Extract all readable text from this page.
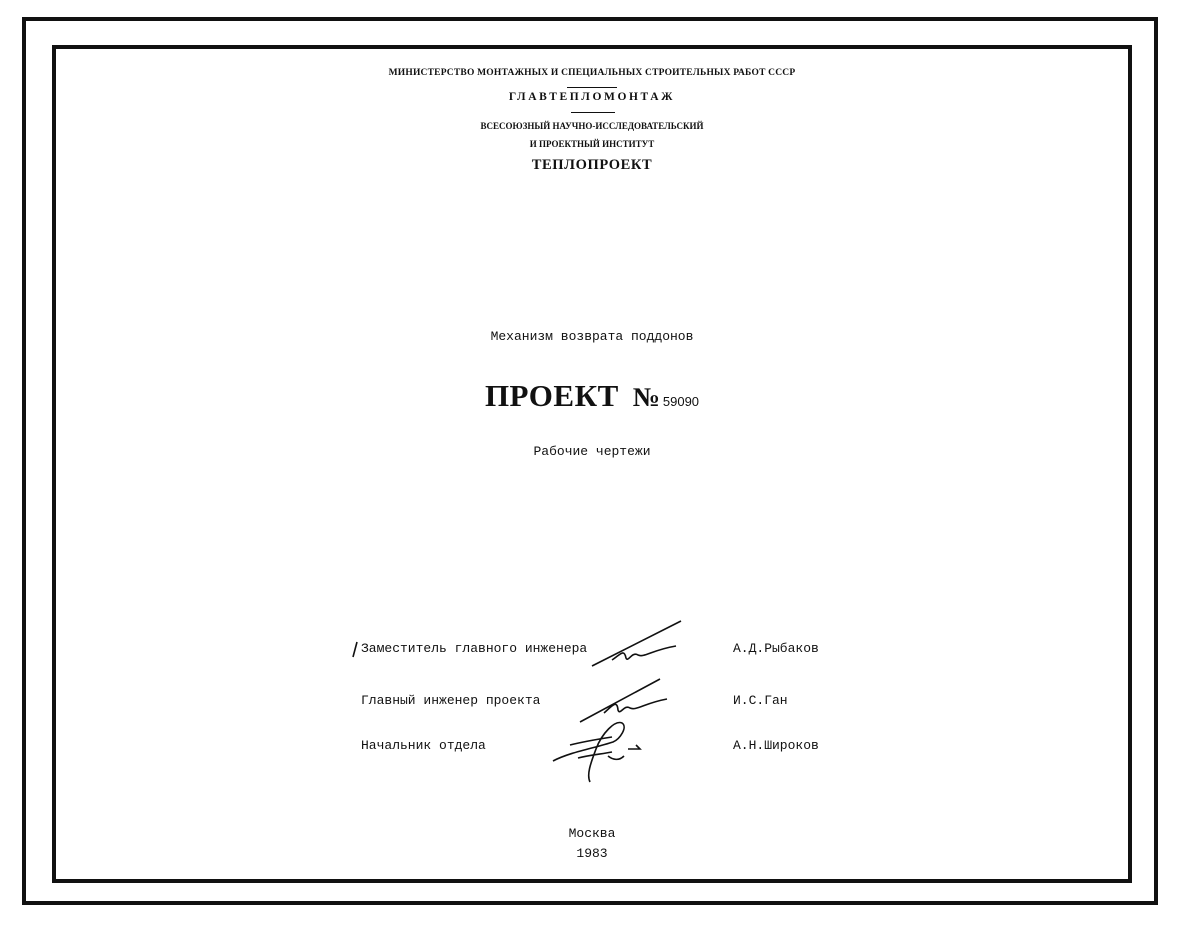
МИНИСТЕРСТВО МОНТАЖНЫХ И СПЕЦИАЛЬНЫХ СТРОИТЕЛЬНЫХ РАБОТ СССР
ГЛАВТЕПЛОМОНТАЖ
ВСЕСОЮЗНЫЙ НАУЧНО-ИССЛЕДОВАТЕЛЬСКИЙ
И ПРОЕКТНЫЙ ИНСТИТУТ
ТЕПЛОПРОЕКТ
Механизм возврата поддонов
ПРОЕКТ № 59090
Рабочие чертежи
Заместитель главного инженера	А.Д.Рыбаков
Главный инженер проекта	И.С.Ган
Начальник отдела	А.Н.Широков
Москва
1983
